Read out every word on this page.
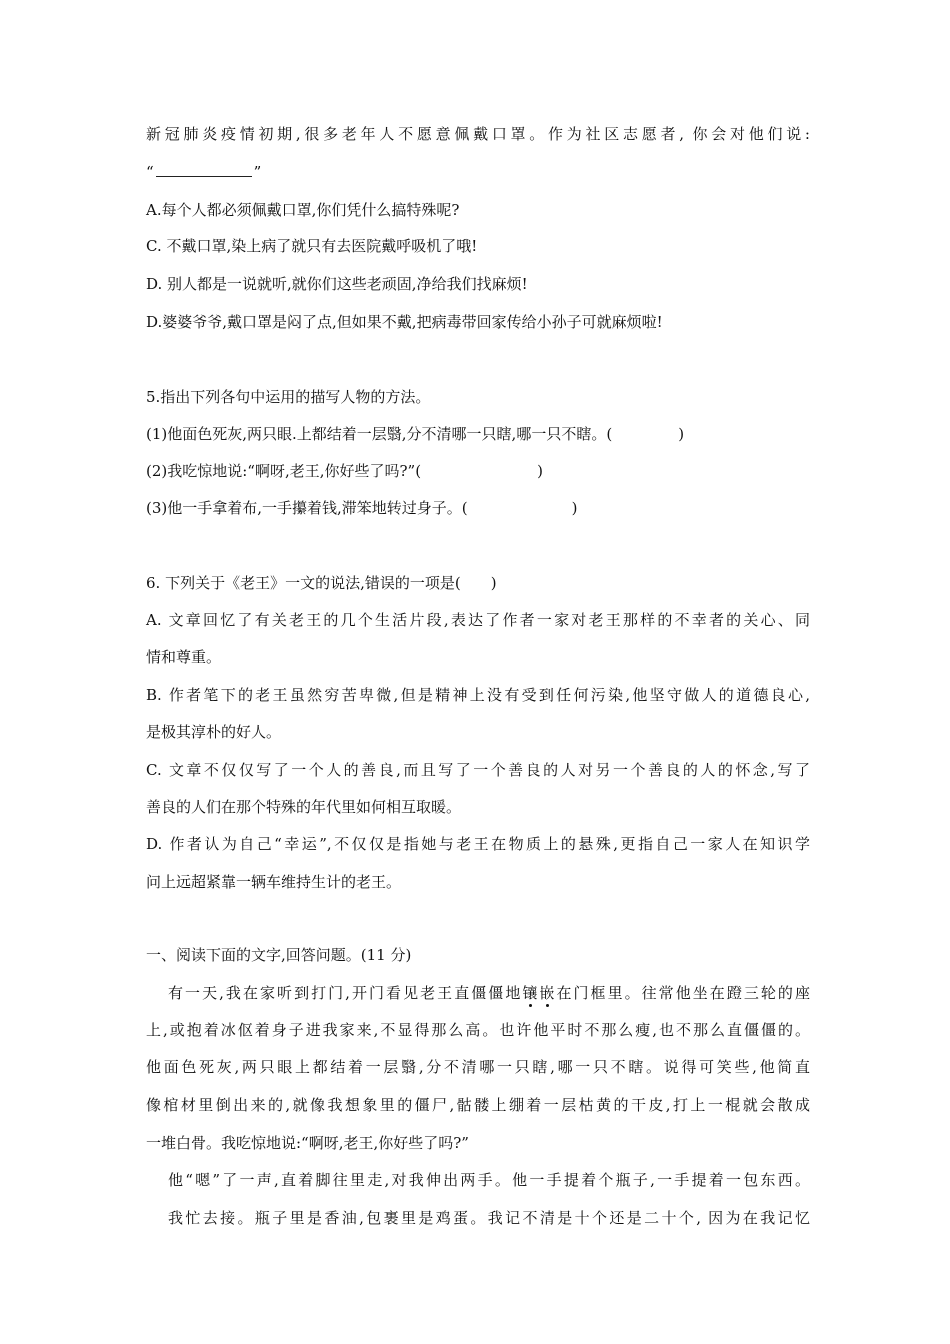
新冠肺炎疫情初期,很多老年人不愿意佩戴口罩。作为社区志愿者, 你会对他们说:

“	”

A.每个人都必须佩戴口罩,你们凭什么搞特殊呢?

C. 不戴口罩,染上病了就只有去医院戴呼吸机了哦!

D. 别人都是一说就听,就你们这些老顽固,净给我们找麻烦!

D.婆婆爷爷,戴口罩是闷了点,但如果不戴,把病毒带回家传给小孙子可就麻烦啦!

5.指出下列各句中运用的描写人物的方法。

(1)他面色死灰,两只眼.上都结着一层翳,分不清哪一只瞎,哪一只不瞎。(	)

(2)我吃惊地说:“啊呀,老王,你好些了吗?”(	)

(3)他一手拿着布,一手攥着钱,滞笨地转过身子。(	)

6. 下列关于《老王》一文的说法,错误的一项是( )

A. 文章回忆了有关老王的几个生活片段,表达了作者一家对老王那样的不幸者的关心、同

情和尊重。

B. 作者笔下的老王虽然穷苦卑微,但是精神上没有受到任何污染,他坚守做人的道德良心,

是极其淳朴的好人。

C. 文章不仅仅写了一个人的善良,而且写了一个善良的人对另一个善良的人的怀念,写了

善良的人们在那个特殊的年代里如何相互取暖。

D. 作者认为自己“幸运”,不仅仅是指她与老王在物质上的悬殊,更指自己一家人在知识学

问上远超紧靠一辆车维持生计的老王。

一、阅读下面的文字,回答问题。(11 分)

有一天,我在家听到打门,开门看见老王直僵僵地镶嵌在门框里。往常他坐在蹬三轮的座

上,或抱着冰伛着身子进我家来,不显得那么高。也许他平时不那么瘦,也不那么直僵僵的。

他面色死灰,两只眼上都结着一层翳,分不清哪一只瞎,哪一只不瞎。说得可笑些,他简直

像棺材里倒出来的,就像我想象里的僵尸,骷髅上绷着一层枯黄的干皮,打上一棍就会散成

一堆白骨。我吃惊地说:“啊呀,老王,你好些了吗?”

他“嗯”了一声,直着脚往里走,对我伸出两手。他一手提着个瓶子,一手提着一包东西。

我忙去接。瓶子里是香油,包裹里是鸡蛋。我记不清是十个还是二十个, 因为在我记忆
